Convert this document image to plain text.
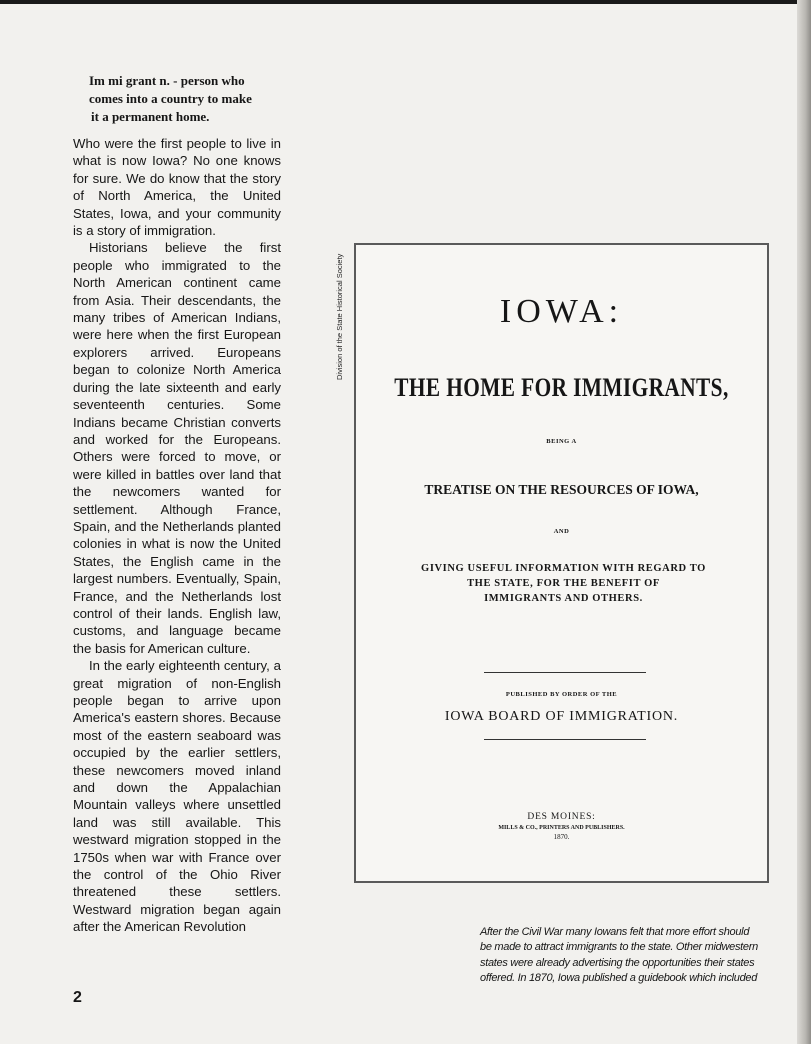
Im mi grant n. - person who
comes into a country to make
it a permanent home.

Who were the first people to live in what is now Iowa? No one knows for sure. We do know that the story of North America, the United States, Iowa, and your community is a story of immigration.

Historians believe the first people who immigrated to the North American continent came from Asia. Their descendants, the many tribes of American Indians, were here when the first European explorers arrived. Europeans began to colonize North America during the late sixteenth and early seventeenth centuries. Some Indians became Christian converts and worked for the Europeans. Others were forced to move, or were killed in battles over land that the newcomers wanted for settlement. Although France, Spain, and the Netherlands planted colonies in what is now the United States, the English came in the largest numbers. Eventually, Spain, France, and the Netherlands lost control of their lands. English law, customs, and language became the basis for American culture.

In the early eighteenth century, a great migration of non-English people began to arrive upon America's eastern shores. Because most of the eastern seaboard was occupied by the earlier settlers, these newcomers moved inland and down the Appalachian Mountain valleys where unsettled land was still available. This westward migration stopped in the 1750s when war with France over the control of the Ohio River threatened these settlers. Westward migration began again after the American Revolution

2
Division of the State Historical Society	IOWA:
THE HOME FOR IMMIGRANTS,
BEING A
TREATISE ON THE RESOURCES OF IOWA,
AND
GIVING USEFUL INFORMATION WITH REGARD TO
THE STATE, FOR THE BENEFIT OF
IMMIGRANTS AND OTHERS.
PUBLISHED BY ORDER OF THE
IOWA BOARD OF IMMIGRATION.
DES MOINES:
MILLS & CO., PRINTERS AND PUBLISHERS.
1870.
After the Civil War many Iowans felt that more effort should
be made to attract immigrants to the state. Other midwestern
states were already advertising the opportunities their states
offered. In 1870, Iowa published a guidebook which included
